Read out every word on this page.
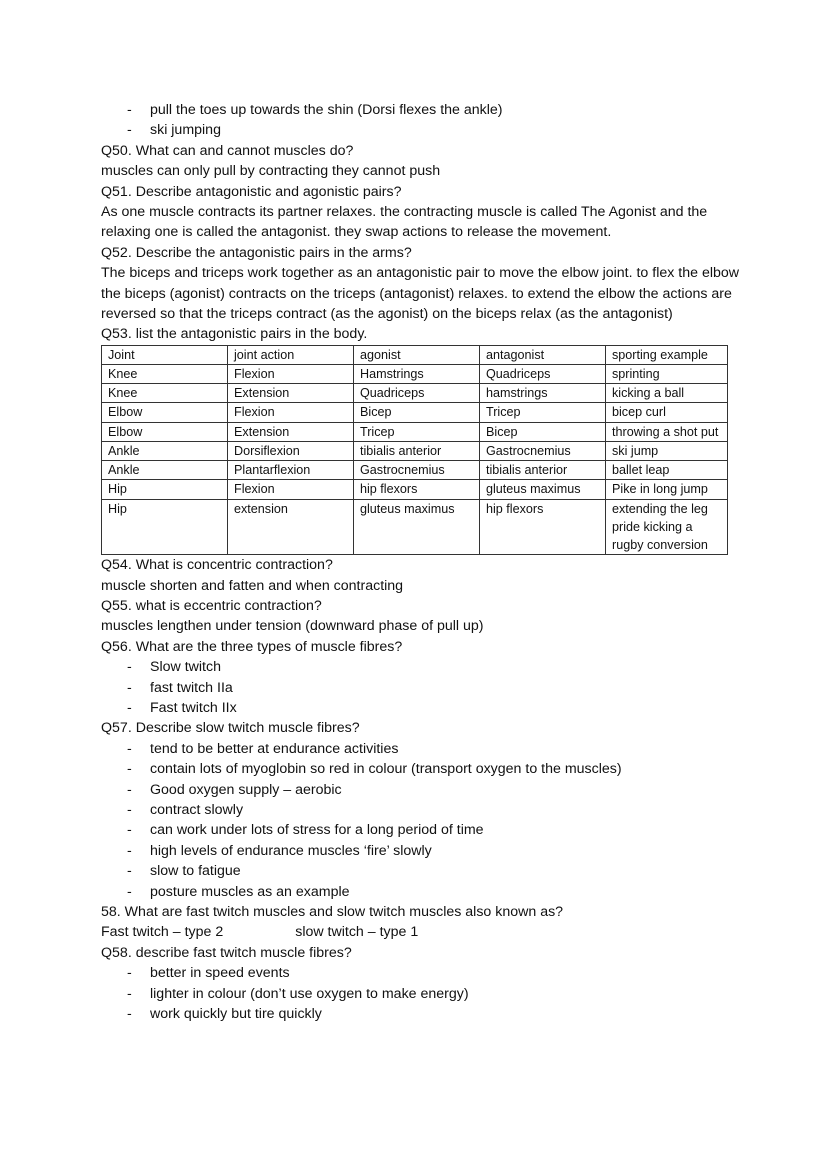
- pull the toes up towards the shin (Dorsi flexes the ankle)

- ski jumping

Q50. What can and cannot muscles do?

muscles can only pull by contracting they cannot push

Q51. Describe antagonistic and agonistic pairs?

As one muscle contracts its partner relaxes. the contracting muscle is called The Agonist and the relaxing one is called the antagonist. they swap actions to release the movement.

Q52. Describe the antagonistic pairs in the arms?

The biceps and triceps work together as an antagonistic pair to move the elbow joint. to flex the elbow the biceps (agonist) contracts on the triceps (antagonist) relaxes. to extend the elbow the actions are reversed so that the triceps contract (as the agonist) on the biceps relax (as the antagonist)

Q53. list the antagonistic pairs in the body.

Joint	joint action	agonist	antagonist	sporting example
Knee	Flexion	Hamstrings	Quadriceps	sprinting
Knee	Extension	Quadriceps	hamstrings	kicking a ball
Elbow	Flexion	Bicep	Tricep	bicep curl
Elbow	Extension	Tricep	Bicep	throwing a shot put
Ankle	Dorsiflexion	tibialis anterior	Gastrocnemius	ski jump
Ankle	Plantarflexion	Gastrocnemius	tibialis anterior	ballet leap
Hip	Flexion	hip flexors	gluteus maximus	Pike in long jump
Hip	extension	gluteus maximus	hip flexors	extending the leg pride kicking a rugby conversion

Q54. What is concentric contraction?

muscle shorten and fatten and when contracting

Q55. what is eccentric contraction?

muscles lengthen under tension (downward phase of pull up)

Q56. What are the three types of muscle fibres?

- Slow twitch

- fast twitch IIa

- Fast twitch IIx

Q57. Describe slow twitch muscle fibres?

- tend to be better at endurance activities

- contain lots of myoglobin so red in colour (transport oxygen to the muscles)

- Good oxygen supply – aerobic

- contract slowly

- can work under lots of stress for a long period of time

- high levels of endurance muscles ‘fire’ slowly

- slow to fatigue

- posture muscles as an example

58. What are fast twitch muscles and slow twitch muscles also known as?

Fast twitch – type 2	slow twitch – type 1

Q58. describe fast twitch muscle fibres?

- better in speed events

- lighter in colour (don’t use oxygen to make energy)

- work quickly but tire quickly
